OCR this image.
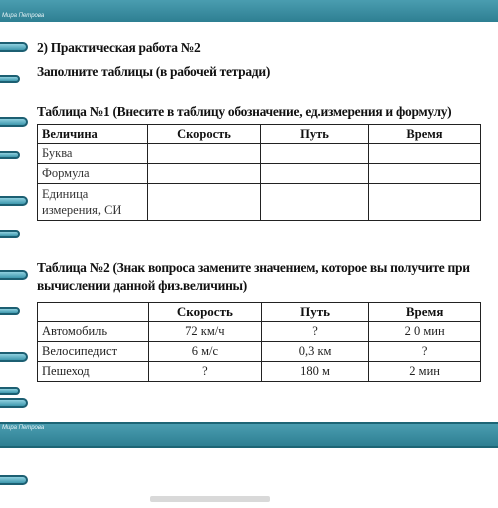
Мира Петрова
Мира Петрова
2) Практическая работа №2
Заполните таблицы (в рабочей тетради)
Таблица №1 (Внесите в таблицу обозначение, ед.измерения и формулу)
Величина	Скорость	Путь	Время
Буква			
Формула			
Единица измерения, СИ			
Таблица №2 (Знак вопроса замените значением, которое вы получите при вычислении данной физ.величины)
	Скорость	Путь	Время
Автомобиль	72 км/ч	?	2 0 мин
Велосипедист	6 м/с	0,3 км	?
Пешеход	?	180 м	2 мин
